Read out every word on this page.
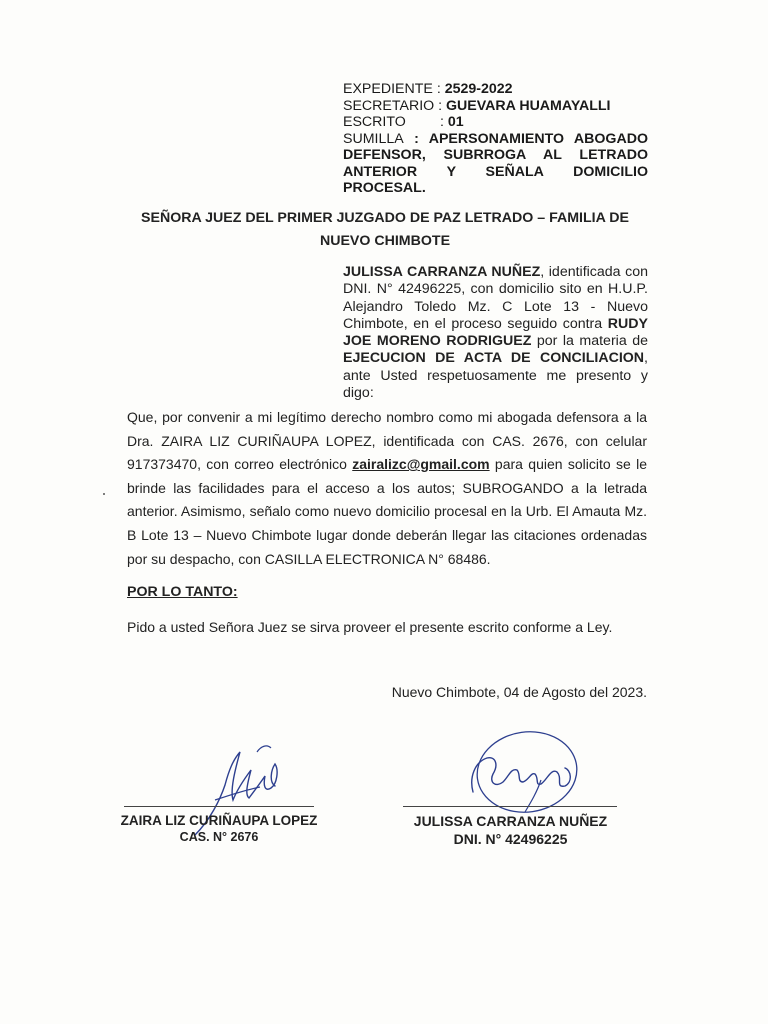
EXPEDIENTE : 2529-2022
SECRETARIO : GUEVARA HUAMAYALLI
ESCRITO : 01
SUMILLA : APERSONAMIENTO ABOGADO DEFENSOR, SUBRROGA AL LETRADO ANTERIOR Y SEÑALA DOMICILIO PROCESAL.
SEÑORA JUEZ DEL PRIMER JUZGADO DE PAZ LETRADO – FAMILIA DE
NUEVO CHIMBOTE
JULISSA CARRANZA NUÑEZ, identificada con DNI. N° 42496225, con domicilio sito en H.U.P. Alejandro Toledo Mz. C Lote 13 - Nuevo Chimbote, en el proceso seguido contra RUDY JOE MORENO RODRIGUEZ por la materia de EJECUCION DE ACTA DE CONCILIACION, ante Usted respetuosamente me presento y digo:
Que, por convenir a mi legítimo derecho nombro como mi abogada defensora a la Dra. ZAIRA LIZ CURIÑAUPA LOPEZ, identificada con CAS. 2676, con celular 917373470, con correo electrónico zairalizc@gmail.com para quien solicito se le brinde las facilidades para el acceso a los autos; SUBROGANDO a la letrada anterior. Asimismo, señalo como nuevo domicilio procesal en la Urb. El Amauta Mz. B Lote 13 – Nuevo Chimbote lugar donde deberán llegar las citaciones ordenadas por su despacho, con CASILLA ELECTRONICA N° 68486.
POR LO TANTO:
Pido a usted Señora Juez se sirva proveer el presente escrito conforme a Ley.
Nuevo Chimbote, 04 de Agosto del 2023.
ZAIRA LIZ CURIÑAUPA LOPEZ
CAS. N° 2676
JULISSA CARRANZA NUÑEZ
DNI. N° 42496225
